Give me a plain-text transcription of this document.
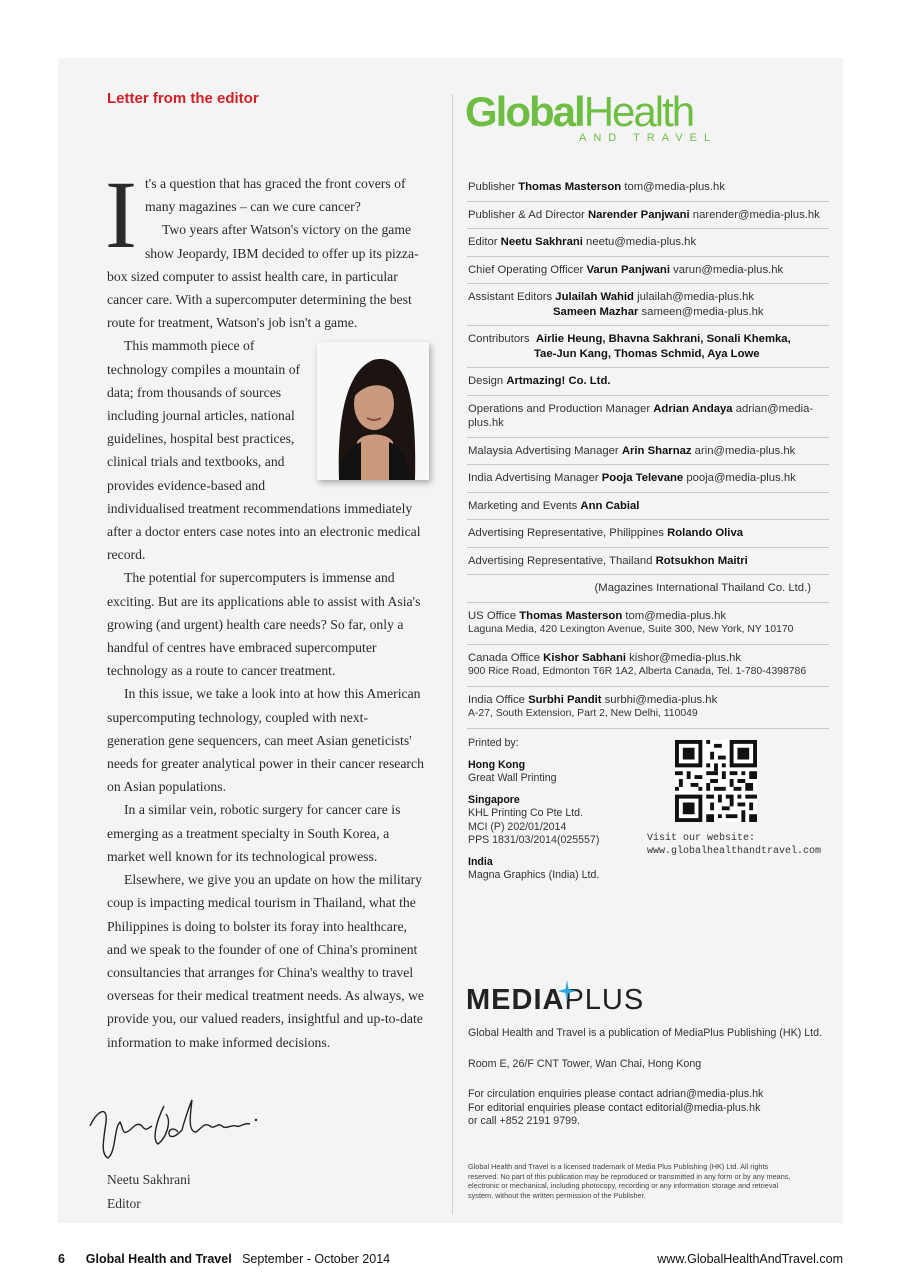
Letter from the editor
I t's a question that has graced the front covers of many magazines – can we cure cancer?

Two years after Watson's victory on the game show Jeopardy, IBM decided to offer up its pizza-box sized computer to assist health care, in particular cancer care. With a supercomputer determining the best route for treatment, Watson's job isn't a game.

This mammoth piece of technology compiles a mountain of data; from thousands of sources including journal articles, national guidelines, hospital best practices, clinical trials and textbooks, and provides evidence-based and individualised treatment recommendations immediately after a doctor enters case notes into an electronic medical record.

The potential for supercomputers is immense and exciting. But are its applications able to assist with Asia's growing (and urgent) health care needs? So far, only a handful of centres have embraced supercomputer technology as a route to cancer treatment.

In this issue, we take a look into at how this American supercomputing technology, coupled with next-generation gene sequencers, can meet Asian geneticists' needs for greater analytical power in their cancer research on Asian populations.

In a similar vein, robotic surgery for cancer care is emerging as a treatment specialty in South Korea, a market well known for its technological prowess.

Elsewhere, we give you an update on how the military coup is impacting medical tourism in Thailand, what the Philippines is doing to bolster its foray into healthcare, and we speak to the founder of one of China's prominent consultancies that arranges for China's wealthy to travel overseas for their medical treatment needs. As always, we provide you, our valued readers, insightful and up-to-date information to make informed decisions.

Neetu Sakhrani
Editor
GlobalHealth
AND TRAVEL
Publisher Thomas Masterson tom@media-plus.hk
Publisher & Ad Director Narender Panjwani narender@media-plus.hk
Editor Neetu Sakhrani neetu@media-plus.hk
Chief Operating Officer Varun Panjwani varun@media-plus.hk
Assistant Editors Julailah Wahid julailah@media-plus.hk
Sameen Mazhar sameen@media-plus.hk
Contributors Airlie Heung, Bhavna Sakhrani, Sonali Khemka,
Tae-Jun Kang, Thomas Schmid, Aya Lowe
Design Artmazing! Co. Ltd.
Operations and Production Manager Adrian Andaya adrian@media-plus.hk
Malaysia Advertising Manager Arin Sharnaz arin@media-plus.hk
India Advertising Manager Pooja Televane pooja@media-plus.hk
Marketing and Events Ann Cabial
Advertising Representative, Philippines Rolando Oliva
Advertising Representative, Thailand Rotsukhon Maitri
(Magazines International Thailand Co. Ltd.)
US Office Thomas Masterson tom@media-plus.hk
Laguna Media, 420 Lexington Avenue, Suite 300, New York, NY 10170
Canada Office Kishor Sabhani kishor@media-plus.hk
900 Rice Road, Edmonton T6R 1A2, Alberta Canada, Tel. 1-780-4398786
India Office Surbhi Pandit surbhi@media-plus.hk
A-27, South Extension, Part 2, New Delhi, 110049
Printed by:
Hong Kong
Great Wall Printing
Singapore
KHL Printing Co Pte Ltd.
MCI (P) 202/01/2014
PPS 1831/03/2014(025557)
India
Magna Graphics (India) Ltd.
Visit our website:
www.globalhealthandtravel.com
MEDIAPLUS
Global Health and Travel is a publication of MediaPlus Publishing (HK) Ltd.
Room E, 26/F CNT Tower, Wan Chai, Hong Kong
For circulation enquiries please contact adrian@media-plus.hk
For editorial enquiries please contact editorial@media-plus.hk
or call +852 2191 9799.
Global Health and Travel is a licensed trademark of Media Plus Publishing (HK) Ltd. All rights reserved. No part of this publication may be reproduced or transmitted in any form or by any means, electronic or mechanical, including photocopy, recording or any information storage and retrieval system, without the written permission of the Publisher.
6 Global Health and Travel September - October 2014	www.GlobalHealthAndTravel.com
